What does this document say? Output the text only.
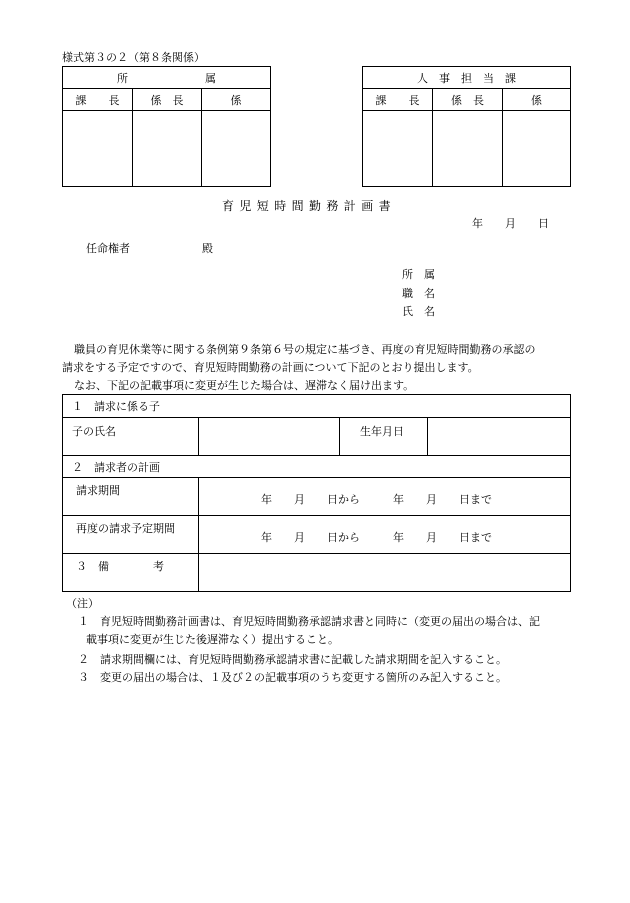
様式第３の２（第８条関係）
所　　　　　　　属		
課　　長	係　長	係

人　事　担　当　課		
課　　長	係　長	係

育児短時間勤務計画書
年　　月　　日
任命権者	殿
所　属
職　名
氏　名
職員の育児休業等に関する条例第９条第６号の規定に基づき、再度の育児短時間勤務の承認の
請求をする予定ですので、育児短時間勤務の計画について下記のとおり提出します。
なお、下記の記載事項に変更が生じた場合は、遅滞なく届け出ます。
１　請求に係る子			
子の氏名		生年月日	
２　請求者の計画			
請求期間	年　　月　　日から　　　年　　月　　日まで		
再度の請求予定期間	年　　月　　日から　　　年　　月　　日まで		
３　備　　　　考			
（注）
１　育児短時間勤務計画書は、育児短時間勤務承認請求書と同時に（変更の届出の場合は、記
載事項に変更が生じた後遅滞なく）提出すること。
２　請求期間欄には、育児短時間勤務承認請求書に記載した請求期間を記入すること。
３　変更の届出の場合は、１及び２の記載事項のうち変更する箇所のみ記入すること。
